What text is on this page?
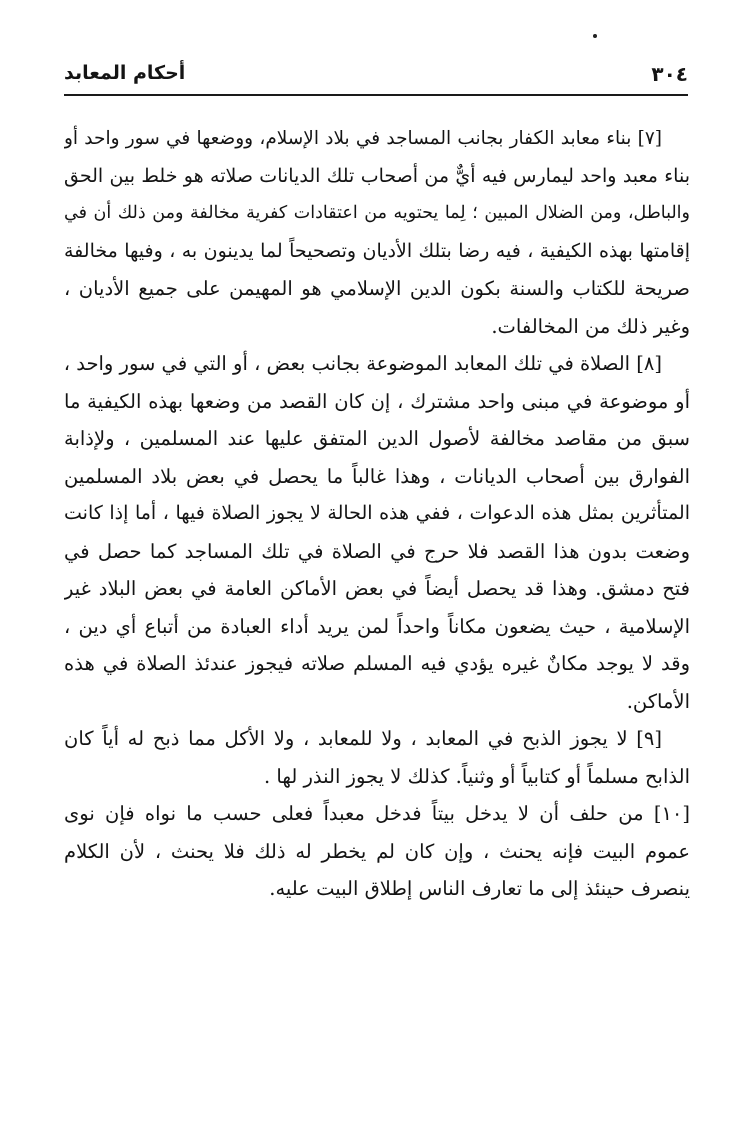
٣٠٤
أحكام المعابد
[٧] بناء معابد الكفار بجانب المساجد في بلاد الإسلام، ووضعها في سور واحد أو
بناء معبد واحد ليمارس فيه أيٌّ من أصحاب تلك الديانات صلاته هو خلط بين الحق
والباطل، ومن الضلال المبين ؛ لِما يحتويه من اعتقادات كفرية مخالفة ومن ذلك أن في
إقامتها بهذه الكيفية ، فيه رضا بتلك الأديان وتصحيحاً لما يدينون به ، وفيها مخالفة
صريحة للكتاب والسنة بكون الدين الإسلامي هو المهيمن على جميع الأديان ،
وغير ذلك من المخالفات.
[٨] الصلاة في تلك المعابد الموضوعة بجانب بعض ، أو التي في سور واحد ،
أو موضوعة في مبنى واحد مشترك ، إن كان القصد من وضعها بهذه الكيفية ما
سبق من مقاصد مخالفة لأصول الدين المتفق عليها عند المسلمين ، ولإذابة
الفوارق بين أصحاب الديانات ، وهذا غالباً ما يحصل في بعض بلاد المسلمين
المتأثرين بمثل هذه الدعوات ، ففي هذه الحالة لا يجوز الصلاة فيها ، أما إذا كانت
وضعت بدون هذا القصد فلا حرج في الصلاة في تلك المساجد كما حصل في
فتح دمشق. وهذا قد يحصل أيضاً في بعض الأماكن العامة في بعض البلاد غير
الإسلامية ، حيث يضعون مكاناً واحداً لمن يريد أداء العبادة من أتباع أي دين ،
وقد لا يوجد مكانٌ غيره يؤدي فيه المسلم صلاته فيجوز عندئذ الصلاة في هذه
الأماكن.
[٩] لا يجوز الذبح في المعابد ، ولا للمعابد ، ولا الأكل مما ذبح له أياً كان
الذابح مسلماً أو كتابياً أو وثنياً. كذلك لا يجوز النذر لها .
[١٠] من حلف أن لا يدخل بيتاً فدخل معبداً فعلى حسب ما نواه فإن نوى
عموم البيت فإنه يحنث ، وإن كان لم يخطر له ذلك فلا يحنث ، لأن الكلام
ينصرف حينئذ إلى ما تعارف الناس إطلاق البيت عليه.
